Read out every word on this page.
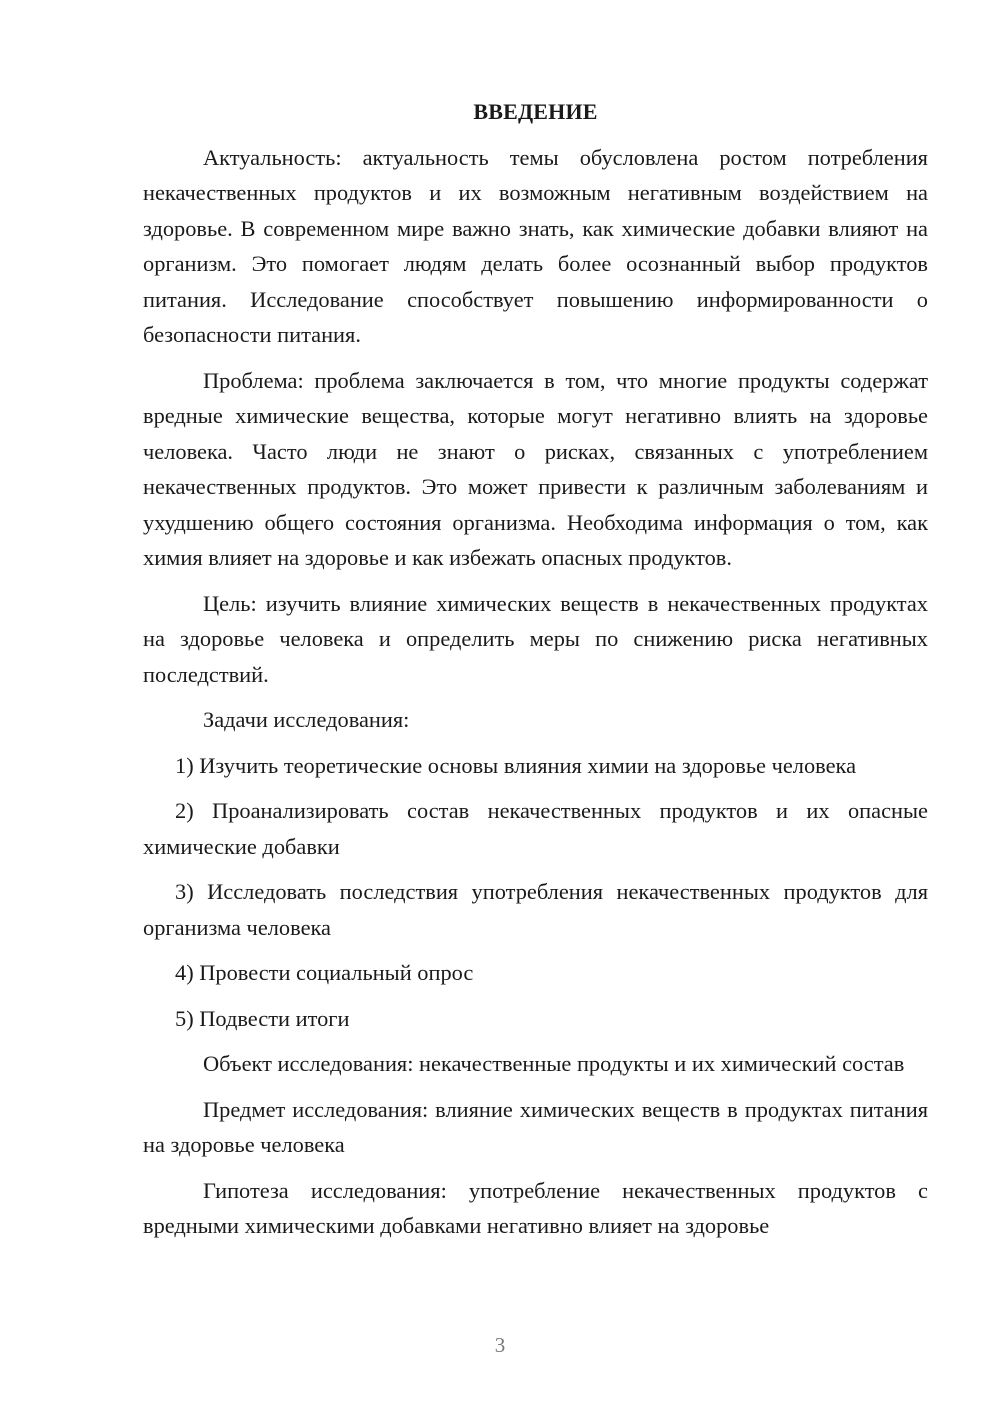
ВВЕДЕНИЕ

Актуальность: актуальность темы обусловлена ростом потребления некачественных продуктов и их возможным негативным воздействием на здоровье. В современном мире важно знать, как химические добавки влияют на организм. Это помогает людям делать более осознанный выбор продуктов питания. Исследование способствует повышению информированности о безопасности питания.

Проблема: проблема заключается в том, что многие продукты содержат вредные химические вещества, которые могут негативно влиять на здоровье человека. Часто люди не знают о рисках, связанных с употреблением некачественных продуктов. Это может привести к различным заболеваниям и ухудшению общего состояния организма. Необходима информация о том, как химия влияет на здоровье и как избежать опасных продуктов.

Цель: изучить влияние химических веществ в некачественных продуктах на здоровье человека и определить меры по снижению риска негативных последствий.

Задачи исследования:

1) Изучить теоретические основы влияния химии на здоровье человека

2) Проанализировать состав некачественных продуктов и их опасные химические добавки

3) Исследовать последствия употребления некачественных продуктов для организма человека

4) Провести социальный опрос

5) Подвести итоги

Объект исследования: некачественные продукты и их химический состав

Предмет исследования: влияние химических веществ в продуктах питания на здоровье человека

Гипотеза исследования: употребление некачественных продуктов с вредными химическими добавками негативно влияет на здоровье

3
